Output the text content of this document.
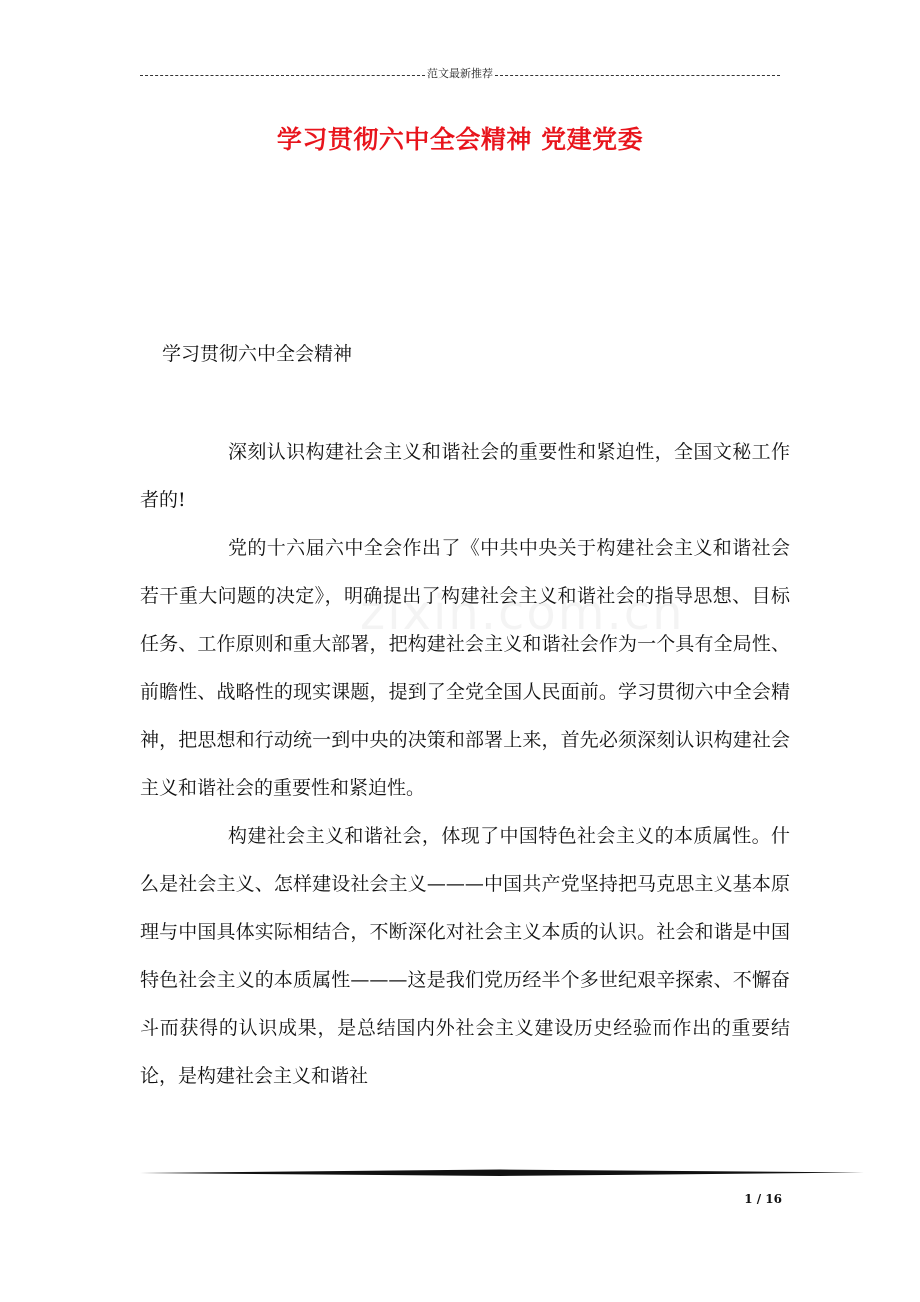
范文最新推荐
学习贯彻六中全会精神 党建党委
学习贯彻六中全会精神

深刻认识构建社会主义和谐社会的重要性和紧迫性，全国文秘工作者的!

党的十六届六中全会作出了《中共中央关于构建社会主义和谐社会若干重大问题的决定》，明确提出了构建社会主义和谐社会的指导思想、目标任务、工作原则和重大部署，把构建社会主义和谐社会作为一个具有全局性、前瞻性、战略性的现实课题，提到了全党全国人民面前。学习贯彻六中全会精神，把思想和行动统一到中央的决策和部署上来，首先必须深刻认识构建社会主义和谐社会的重要性和紧迫性。

构建社会主义和谐社会，体现了中国特色社会主义的本质属性。什么是社会主义、怎样建设社会主义———中国共产党坚持把马克思主义基本原理与中国具体实际相结合，不断深化对社会主义本质的认识。社会和谐是中国特色社会主义的本质属性———这是我们党历经半个多世纪艰辛探索、不懈奋斗而获得的认识成果，是总结国内外社会主义建设历史经验而作出的重要结论，是构建社会主义和谐社

1 / 16
